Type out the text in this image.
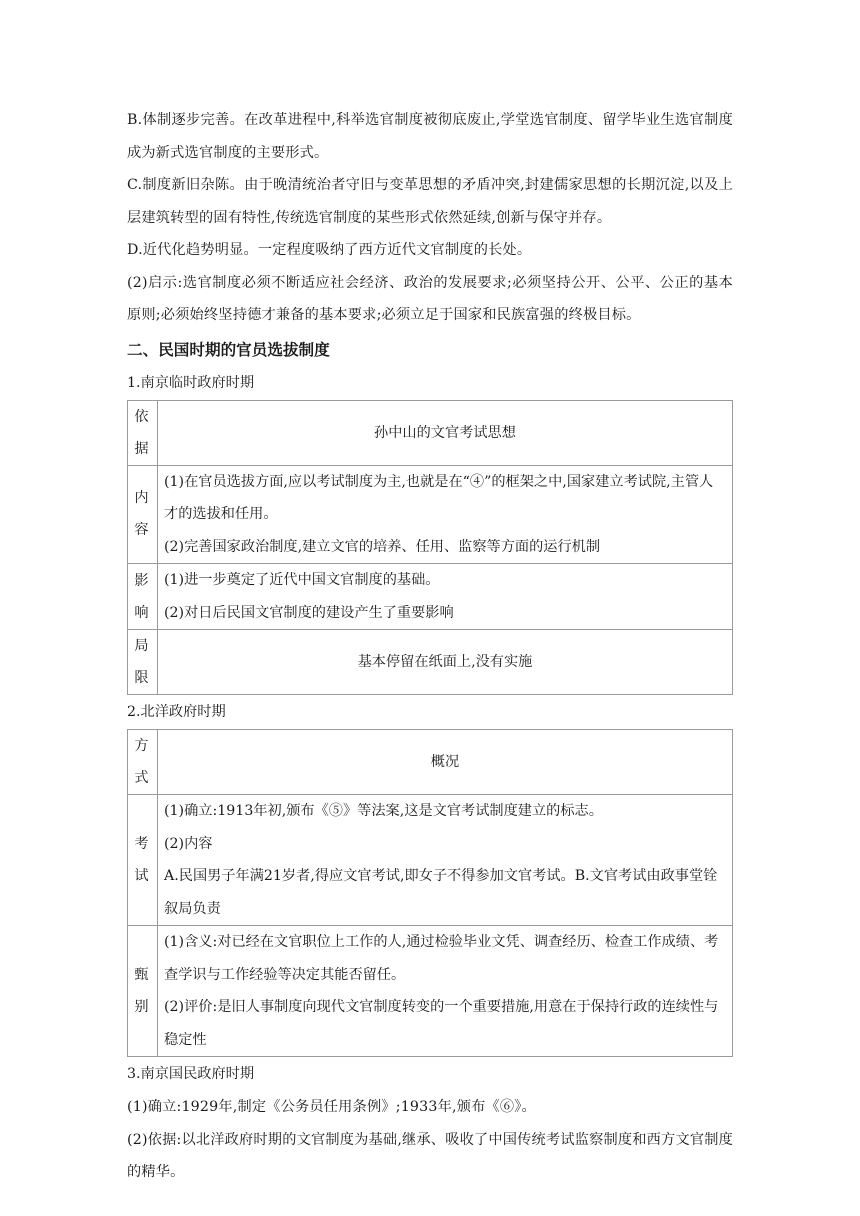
B.体制逐步完善。在改革进程中,科举选官制度被彻底废止,学堂选官制度、留学毕业生选官制度成为新式选官制度的主要形式。

C.制度新旧杂陈。由于晚清统治者守旧与变革思想的矛盾冲突,封建儒家思想的长期沉淀,以及上层建筑转型的固有特性,传统选官制度的某些形式依然延续,创新与保守并存。

D.近代化趋势明显。一定程度吸纳了西方近代文官制度的长处。

(2)启示:选官制度必须不断适应社会经济、政治的发展要求;必须坚持公开、公平、公正的基本原则;必须始终坚持德才兼备的基本要求;必须立足于国家和民族富强的终极目标。

二、民国时期的官员选拔制度

1.南京临时政府时期

依据	孙中山的文官考试思想
内容	(1)在官员选拔方面,应以考试制度为主,也就是在“④”的框架之中,国家建立考试院,主管人才的选拔和任用。

(2)完善国家政治制度,建立文官的培养、任用、监察等方面的运行机制

影响	(1)进一步奠定了近代中国文官制度的基础。

(2)对日后民国文官制度的建设产生了重要影响

局限	基本停留在纸面上,没有实施

2.北洋政府时期

方式	概况
考试	(1)确立:1913年初,颁布《⑤》等法案,这是文官考试制度建立的标志。

(2)内容

A.民国男子年满21岁者,得应文官考试,即女子不得参加文官考试。B.文官考试由政事堂铨叙局负责

甄别	(1)含义:对已经在文官职位上工作的人,通过检验毕业文凭、调查经历、检查工作成绩、考查学识与工作经验等决定其能否留任。

(2)评价:是旧人事制度向现代文官制度转变的一个重要措施,用意在于保持行政的连续性与稳定性

3.南京国民政府时期

(1)确立:1929年,制定《公务员任用条例》;1933年,颁布《⑥》。

(2)依据:以北洋政府时期的文官制度为基础,继承、吸收了中国传统考试监察制度和西方文官制度的精华。
